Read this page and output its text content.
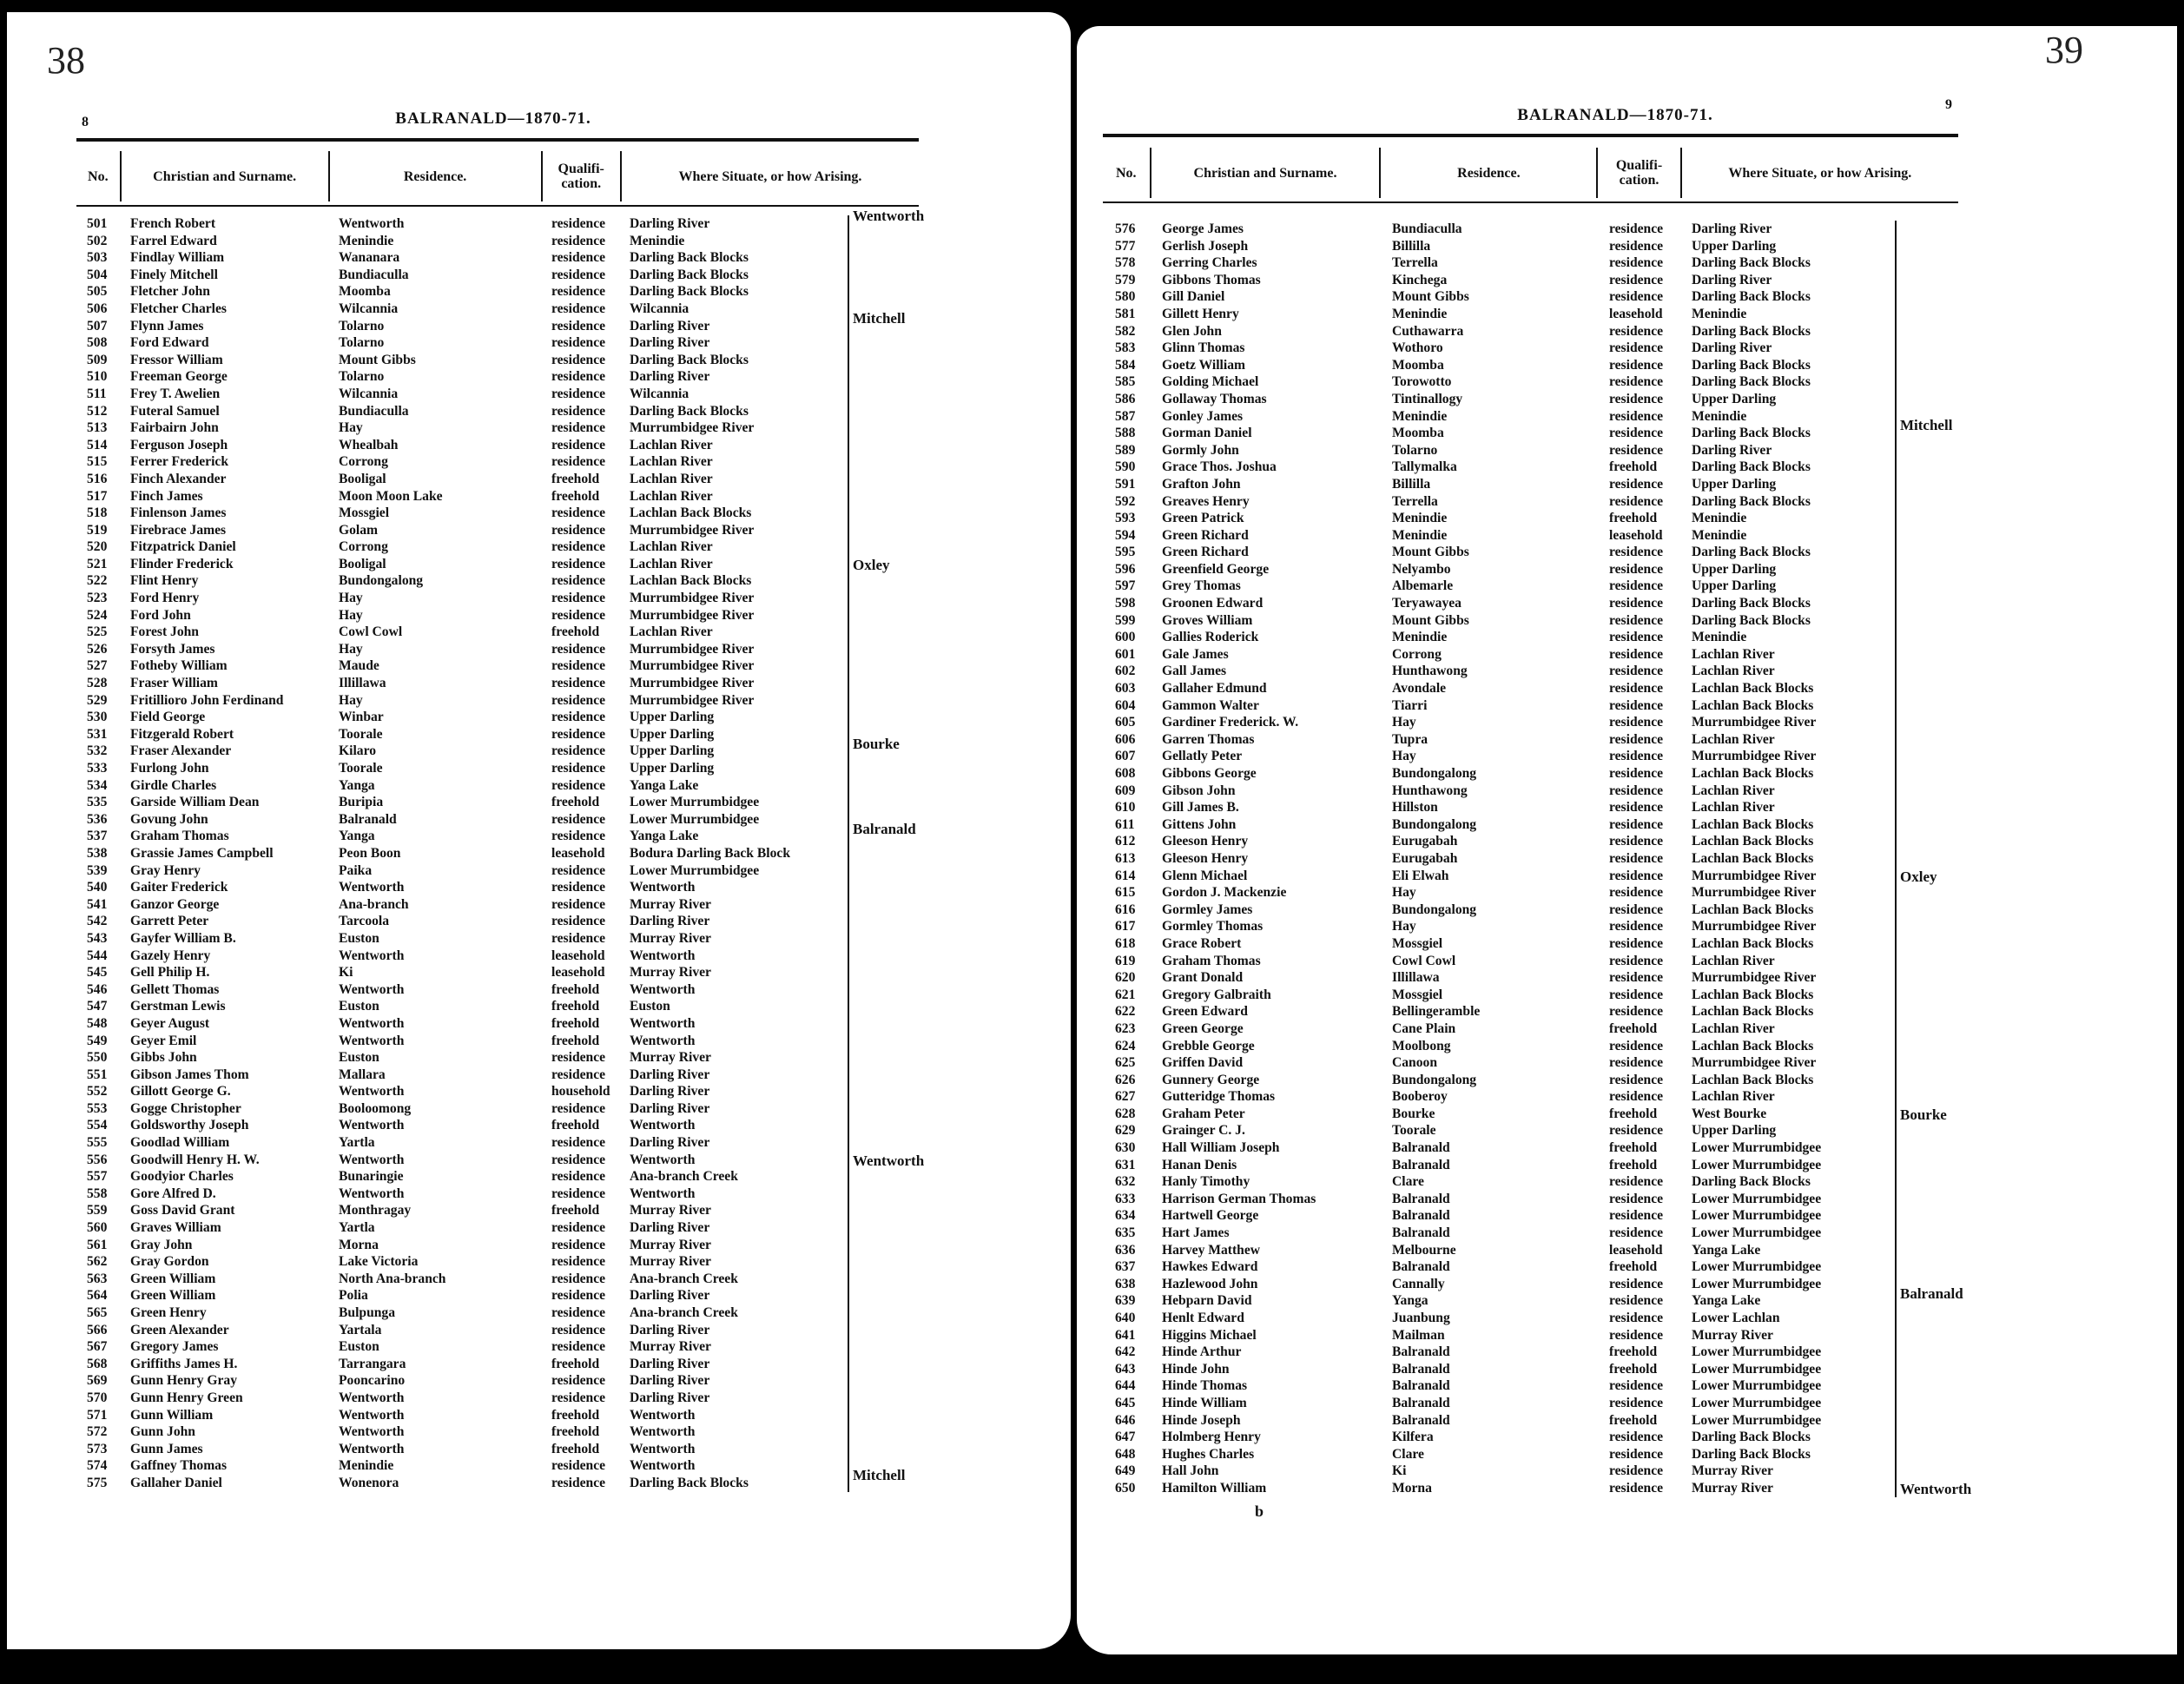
38
8	BALRANALD—1870-71.
No.	Christian and Surname.	Residence.	Qualifi-cation.	Where Situate, or how Arising.
501	French Robert	Wentworth	residence	Darling River
502	Farrel Edward	Menindie	residence	Menindie
503	Findlay William	Wananara	residence	Darling Back Blocks
504	Finely Mitchell	Bundiaculla	residence	Darling Back Blocks
505	Fletcher John	Moomba	residence	Darling Back Blocks
506	Fletcher Charles	Wilcannia	residence	Wilcannia
507	Flynn James	Tolarno	residence	Darling River
508	Ford Edward	Tolarno	residence	Darling River
509	Fressor William	Mount Gibbs	residence	Darling Back Blocks
510	Freeman George	Tolarno	residence	Darling River
511	Frey T. Awelien	Wilcannia	residence	Wilcannia
512	Futeral Samuel	Bundiaculla	residence	Darling Back Blocks
513	Fairbairn John	Hay	residence	Murrumbidgee River
514	Ferguson Joseph	Whealbah	residence	Lachlan River
515	Ferrer Frederick	Corrong	residence	Lachlan River
516	Finch Alexander	Booligal	freehold	Lachlan River
517	Finch James	Moon Moon Lake	freehold	Lachlan River
518	Finlenson James	Mossgiel	residence	Lachlan Back Blocks
519	Firebrace James	Golam	residence	Murrumbidgee River
520	Fitzpatrick Daniel	Corrong	residence	Lachlan River
521	Flinder Frederick	Booligal	residence	Lachlan River
522	Flint Henry	Bundongalong	residence	Lachlan Back Blocks
523	Ford Henry	Hay	residence	Murrumbidgee River
524	Ford John	Hay	residence	Murrumbidgee River
525	Forest John	Cowl Cowl	freehold	Lachlan River
526	Forsyth James	Hay	residence	Murrumbidgee River
527	Fotheby William	Maude	residence	Murrumbidgee River
528	Fraser William	Illillawa	residence	Murrumbidgee River
529	Fritillioro John Ferdinand	Hay	residence	Murrumbidgee River
530	Field George	Winbar	residence	Upper Darling
531	Fitzgerald Robert	Toorale	residence	Upper Darling
532	Fraser Alexander	Kilaro	residence	Upper Darling
533	Furlong John	Toorale	residence	Upper Darling
534	Girdle Charles	Yanga	residence	Yanga Lake
535	Garside William Dean	Buripia	freehold	Lower Murrumbidgee
536	Govung John	Balranald	residence	Lower Murrumbidgee
537	Graham Thomas	Yanga	residence	Yanga Lake
538	Grassie James Campbell	Peon Boon	leasehold	Bodura Darling Back Block
539	Gray Henry	Paika	residence	Lower Murrumbidgee
540	Gaiter Frederick	Wentworth	residence	Wentworth
541	Ganzor George	Ana-branch	residence	Murray River
542	Garrett Peter	Tarcoola	residence	Darling River
543	Gayfer William B.	Euston	residence	Murray River
544	Gazely Henry	Wentworth	leasehold	Wentworth
545	Gell Philip H.	Ki	leasehold	Murray River
546	Gellett Thomas	Wentworth	freehold	Wentworth
547	Gerstman Lewis	Euston	freehold	Euston
548	Geyer August	Wentworth	freehold	Wentworth
549	Geyer Emil	Wentworth	freehold	Wentworth
550	Gibbs John	Euston	residence	Murray River
551	Gibson James Thom	Mallara	residence	Darling River
552	Gillott George G.	Wentworth	household	Darling River
553	Gogge Christopher	Booloomong	residence	Darling River
554	Goldsworthy Joseph	Wentworth	freehold	Wentworth
555	Goodlad William	Yartla	residence	Darling River
556	Goodwill Henry H. W.	Wentworth	residence	Wentworth
557	Goodyior Charles	Bunaringie	residence	Ana-branch Creek
558	Gore Alfred D.	Wentworth	residence	Wentworth
559	Goss David Grant	Monthragay	freehold	Murray River
560	Graves William	Yartla	residence	Darling River
561	Gray John	Morna	residence	Murray River
562	Gray Gordon	Lake Victoria	residence	Murray River
563	Green William	North Ana-branch	residence	Ana-branch Creek
564	Green William	Polia	residence	Darling River
565	Green Henry	Bulpunga	residence	Ana-branch Creek
566	Green Alexander	Yartala	residence	Darling River
567	Gregory James	Euston	residence	Murray River
568	Griffiths James H.	Tarrangara	freehold	Darling River
569	Gunn Henry Gray	Pooncarino	residence	Darling River
570	Gunn Henry Green	Wentworth	residence	Darling River
571	Gunn William	Wentworth	freehold	Wentworth
572	Gunn John	Wentworth	freehold	Wentworth
573	Gunn James	Wentworth	freehold	Wentworth
574	Gaffney Thomas	Menindie	residence	Wentworth
575	Gallaher Daniel	Wonenora	residence	Darling Back Blocks
Wentworth
Mitchell
Oxley
Bourke
Balranald
Wentworth
Mitchell
39
9
BALRANALD—1870-71.
No.	Christian and Surname.	Residence.	Qualifi-cation.	Where Situate, or how Arising.
576	George James	Bundiaculla	residence	Darling River
577	Gerlish Joseph	Billilla	residence	Upper Darling
578	Gerring Charles	Terrella	residence	Darling Back Blocks
579	Gibbons Thomas	Kinchega	residence	Darling River
580	Gill Daniel	Mount Gibbs	residence	Darling Back Blocks
581	Gillett Henry	Menindie	leasehold	Menindie
582	Glen John	Cuthawarra	residence	Darling Back Blocks
583	Glinn Thomas	Wothoro	residence	Darling River
584	Goetz William	Moomba	residence	Darling Back Blocks
585	Golding Michael	Torowotto	residence	Darling Back Blocks
586	Gollaway Thomas	Tintinallogy	residence	Upper Darling
587	Gonley James	Menindie	residence	Menindie
588	Gorman Daniel	Moomba	residence	Darling Back Blocks
589	Gormly John	Tolarno	residence	Darling River
590	Grace Thos. Joshua	Tallymalka	freehold	Darling Back Blocks
591	Grafton John	Billilla	residence	Upper Darling
592	Greaves Henry	Terrella	residence	Darling Back Blocks
593	Green Patrick	Menindie	freehold	Menindie
594	Green Richard	Menindie	leasehold	Menindie
595	Green Richard	Mount Gibbs	residence	Darling Back Blocks
596	Greenfield George	Nelyambo	residence	Upper Darling
597	Grey Thomas	Albemarle	residence	Upper Darling
598	Groonen Edward	Teryawayea	residence	Darling Back Blocks
599	Groves William	Mount Gibbs	residence	Darling Back Blocks
600	Gallies Roderick	Menindie	residence	Menindie
601	Gale James	Corrong	residence	Lachlan River
602	Gall James	Hunthawong	residence	Lachlan River
603	Gallaher Edmund	Avondale	residence	Lachlan Back Blocks
604	Gammon Walter	Tiarri	residence	Lachlan Back Blocks
605	Gardiner Frederick. W.	Hay	residence	Murrumbidgee River
606	Garren Thomas	Tupra	residence	Lachlan River
607	Gellatly Peter	Hay	residence	Murrumbidgee River
608	Gibbons George	Bundongalong	residence	Lachlan Back Blocks
609	Gibson John	Hunthawong	residence	Lachlan River
610	Gill James B.	Hillston	residence	Lachlan River
611	Gittens John	Bundongalong	residence	Lachlan Back Blocks
612	Gleeson Henry	Eurugabah	residence	Lachlan Back Blocks
613	Gleeson Henry	Eurugabah	residence	Lachlan Back Blocks
614	Glenn Michael	Eli Elwah	residence	Murrumbidgee River
615	Gordon J. Mackenzie	Hay	residence	Murrumbidgee River
616	Gormley James	Bundongalong	residence	Lachlan Back Blocks
617	Gormley Thomas	Hay	residence	Murrumbidgee River
618	Grace Robert	Mossgiel	residence	Lachlan Back Blocks
619	Graham Thomas	Cowl Cowl	residence	Lachlan River
620	Grant Donald	Illillawa	residence	Murrumbidgee River
621	Gregory Galbraith	Mossgiel	residence	Lachlan Back Blocks
622	Green Edward	Bellingeramble	residence	Lachlan Back Blocks
623	Green George	Cane Plain	freehold	Lachlan River
624	Grebble George	Moolbong	residence	Lachlan Back Blocks
625	Griffen David	Canoon	residence	Murrumbidgee River
626	Gunnery George	Bundongalong	residence	Lachlan Back Blocks
627	Gutteridge Thomas	Booberoy	residence	Lachlan River
628	Graham Peter	Bourke	freehold	West Bourke
629	Grainger C. J.	Toorale	residence	Upper Darling
630	Hall William Joseph	Balranald	freehold	Lower Murrumbidgee
631	Hanan Denis	Balranald	freehold	Lower Murrumbidgee
632	Hanly Timothy	Clare	residence	Darling Back Blocks
633	Harrison German Thomas	Balranald	residence	Lower Murrumbidgee
634	Hartwell George	Balranald	residence	Lower Murrumbidgee
635	Hart James	Balranald	residence	Lower Murrumbidgee
636	Harvey Matthew	Melbourne	leasehold	Yanga Lake
637	Hawkes Edward	Balranald	freehold	Lower Murrumbidgee
638	Hazlewood John	Cannally	residence	Lower Murrumbidgee
639	Hebparn David	Yanga	residence	Yanga Lake
640	Henlt Edward	Juanbung	residence	Lower Lachlan
641	Higgins Michael	Mailman	residence	Murray River
642	Hinde Arthur	Balranald	freehold	Lower Murrumbidgee
643	Hinde John	Balranald	freehold	Lower Murrumbidgee
644	Hinde Thomas	Balranald	residence	Lower Murrumbidgee
645	Hinde William	Balranald	residence	Lower Murrumbidgee
646	Hinde Joseph	Balranald	freehold	Lower Murrumbidgee
647	Holmberg Henry	Kilfera	residence	Darling Back Blocks
648	Hughes Charles	Clare	residence	Darling Back Blocks
649	Hall John	Ki	residence	Murray River
650	Hamilton William	Morna	residence	Murray River
Mitchell
Oxley
Bourke
Balranald
Wentworth
b
